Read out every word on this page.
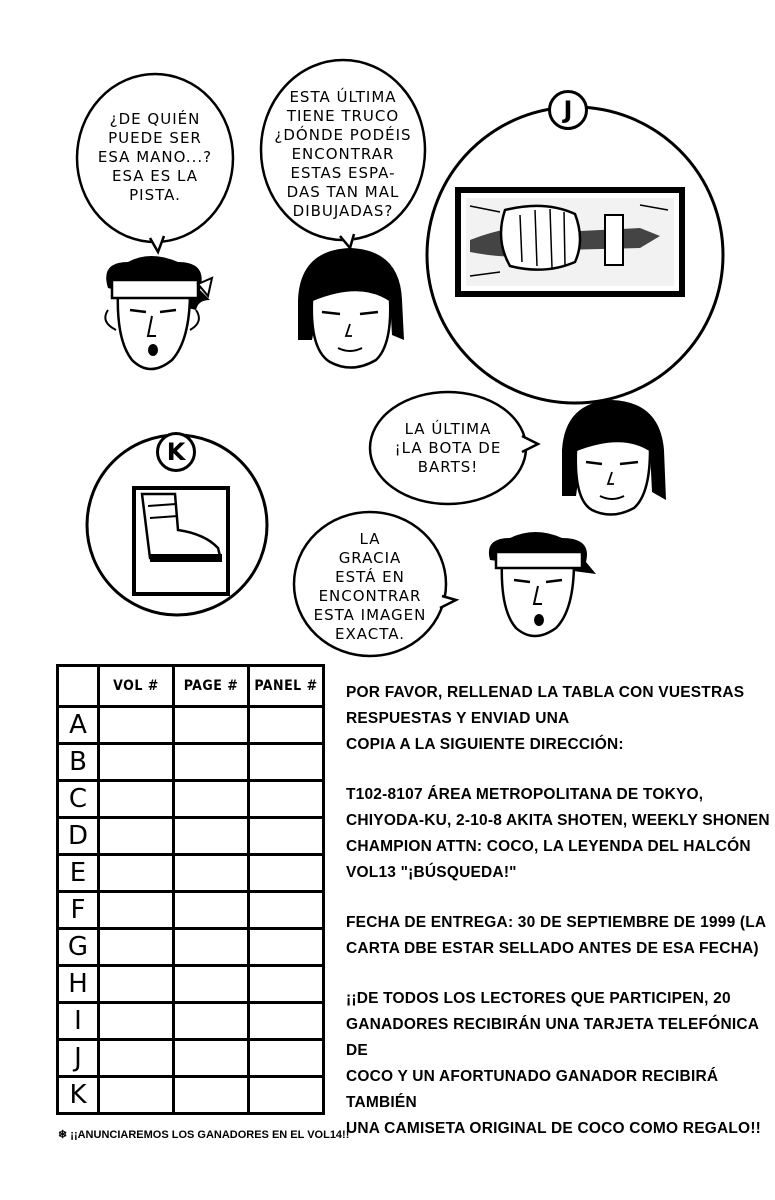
¿DE QUIÉN
PUEDE SER
ESA MANO...?
ESA ES LA
PISTA.
ESTA ÚLTIMA
TIENE TRUCO
¿DÓNDE PODÉIS
ENCONTRAR
ESTAS ESPA-
DAS TAN MAL
DIBUJADAS?
LA ÚLTIMA
¡LA BOTA DE
BARTS!
LA
GRACIA
ESTÁ EN
ENCONTRAR
ESTA IMAGEN
EXACTA.
J
K
	VOL #	PAGE #	PANEL #
A			
B			
C			
D			
E			
F			
G			
H			
I			
J			
K			
POR FAVOR, RELLENAD LA TABLA CON VUESTRAS
RESPUESTAS Y ENVIAD UNA
COPIA A LA SIGUIENTE DIRECCIÓN:
T102-8107 ÁREA METROPOLITANA DE TOKYO,
CHIYODA-KU, 2-10-8 AKITA SHOTEN, WEEKLY SHONEN
CHAMPION ATTN: COCO, LA LEYENDA DEL HALCÓN
VOL13 "¡BÚSQUEDA!"
FECHA DE ENTREGA: 30 DE SEPTIEMBRE DE 1999 (LA
CARTA DBE ESTAR SELLADO ANTES DE ESA FECHA)
¡¡DE TODOS LOS LECTORES QUE PARTICIPEN, 20
GANADORES RECIBIRÁN UNA TARJETA TELEFÓNICA DE
COCO Y UN AFORTUNADO GANADOR RECIBIRÁ TAMBIÉN
UNA CAMISETA ORIGINAL DE COCO COMO REGALO!!
❄ ¡¡ANUNCIAREMOS LOS GANADORES EN EL VOL14!!
